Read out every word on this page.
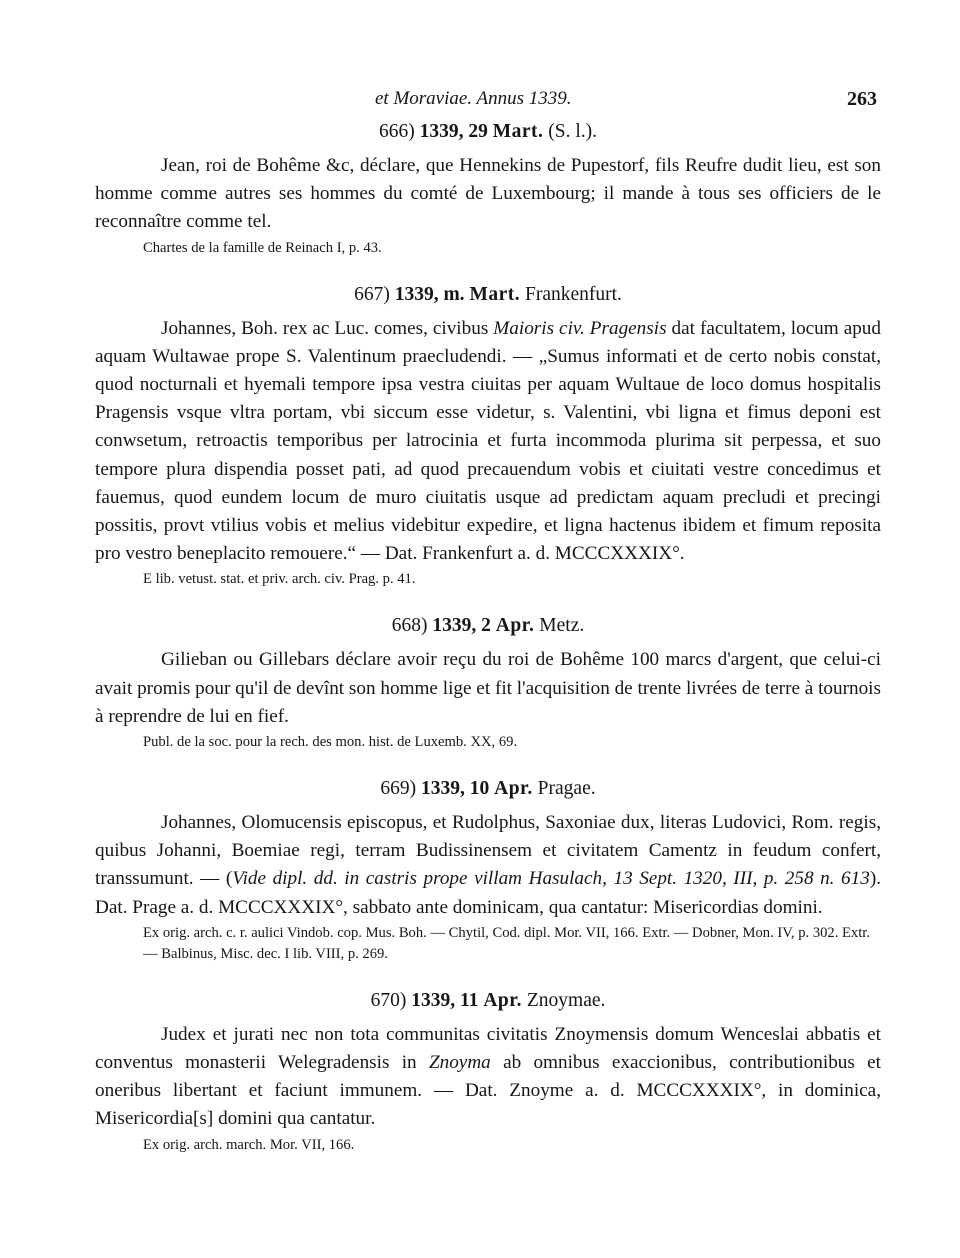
et Moraviae. Annus 1339.	263

666) 1339, 29 Mart. (S. l.).

Jean, roi de Bohême &c, déclare, que Hennekins de Pupestorf, fils Reufre dudit lieu, est son homme comme autres ses hommes du comté de Luxembourg; il mande à tous ses officiers de le reconnaître comme tel.

Chartes de la famille de Reinach I, p. 43.

667) 1339, m. Mart. Frankenfurt.

Johannes, Boh. rex ac Luc. comes, civibus Maioris civ. Pragensis dat facultatem, locum apud aquam Wultawae prope S. Valentinum praecludendi. — „Sumus informati et de certo nobis constat, quod nocturnali et hyemali tempore ipsa vestra ciuitas per aquam Wultaue de loco domus hospitalis Pragensis vsque vltra portam, vbi siccum esse videtur, s. Valentini, vbi ligna et fimus deponi est conwsetum, retroactis temporibus per latrocinia et furta incommoda plurima sit perpessa, et suo tempore plura dispendia posset pati, ad quod precauendum vobis et ciuitati vestre concedimus et fauemus, quod eundem locum de muro ciuitatis usque ad predictam aquam precludi et precingi possitis, provt vtilius vobis et melius videbitur expedire, et ligna hactenus ibidem et fimum reposita pro vestro beneplacito remouere.“ — Dat. Frankenfurt a. d. MCCCXXXIX°.

E lib. vetust. stat. et priv. arch. civ. Prag. p. 41.

668) 1339, 2 Apr. Metz.

Gilieban ou Gillebars déclare avoir reçu du roi de Bohême 100 marcs d'argent, que celui-ci avait promis pour qu'il de devînt son homme lige et fit l'acquisition de trente livrées de terre à tournois à reprendre de lui en fief.

Publ. de la soc. pour la rech. des mon. hist. de Luxemb. XX, 69.

669) 1339, 10 Apr. Pragae.

Johannes, Olomucensis episcopus, et Rudolphus, Saxoniae dux, literas Ludovici, Rom. regis, quibus Johanni, Boemiae regi, terram Budissinensem et civitatem Camentz in feudum confert, transsumunt. — (Vide dipl. dd. in castris prope villam Hasulach, 13 Sept. 1320, III, p. 258 n. 613). Dat. Prage a. d. MCCCXXXIX°, sabbato ante dominicam, qua cantatur: Misericordias domini.

Ex orig. arch. c. r. aulici Vindob. cop. Mus. Boh. — Chytil, Cod. dipl. Mor. VII, 166. Extr. — Dobner, Mon. IV, p. 302. Extr. — Balbinus, Misc. dec. I lib. VIII, p. 269.

670) 1339, 11 Apr. Znoymae.

Judex et jurati nec non tota communitas civitatis Znoymensis domum Wenceslai abbatis et conventus monasterii Welegradensis in Znoyma ab omnibus exaccionibus, contributionibus et oneribus libertant et faciunt immunem. — Dat. Znoyme a. d. MCCCXXXIX°, in dominica, Misericordia[s] domini qua cantatur.

Ex orig. arch. march. Mor. VII, 166.
